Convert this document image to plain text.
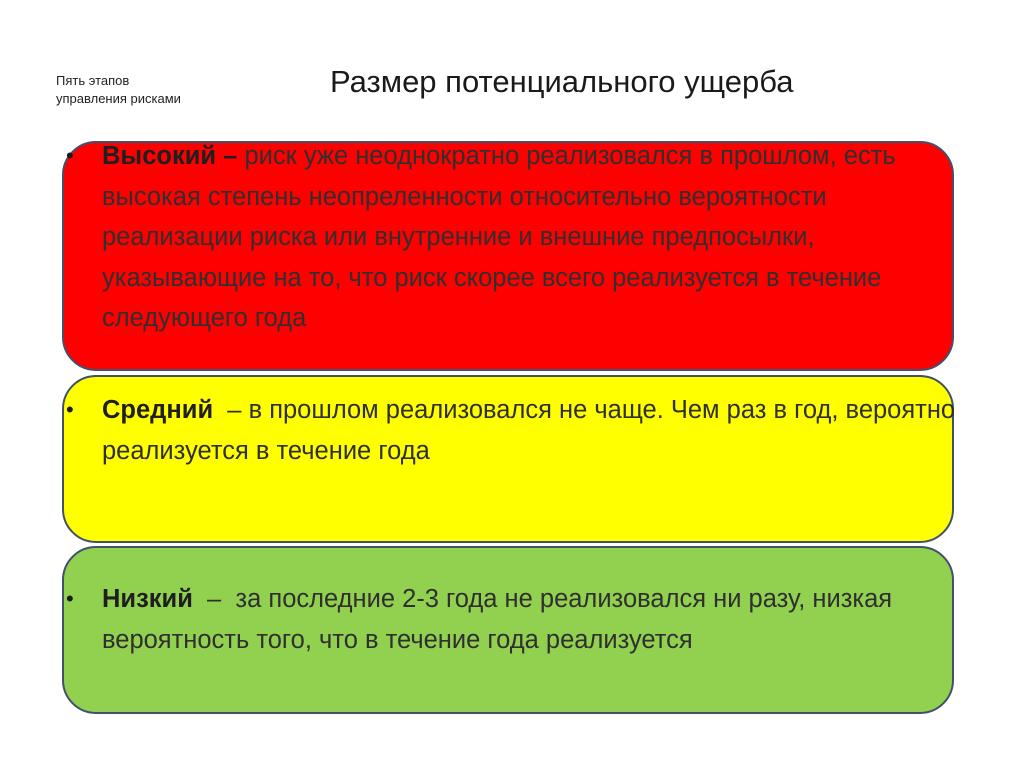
Пять этапов
управления рисками	Размер потенциального ущерба
• Высокий – риск уже неоднократно реализовался в прошлом, есть высокая степень неопреленности относительно вероятности реализации риска или внутренние и внешние предпосылки, указывающие на то, что риск скорее всего реализуется в течение следующего года
• Средний  – в прошлом реализовался не чаще. Чем раз в год, вероятно реализуется в течение года
• Низкий  –  за последние 2-3 года не реализовался ни разу, низкая вероятность того, что в течение года реализуется
